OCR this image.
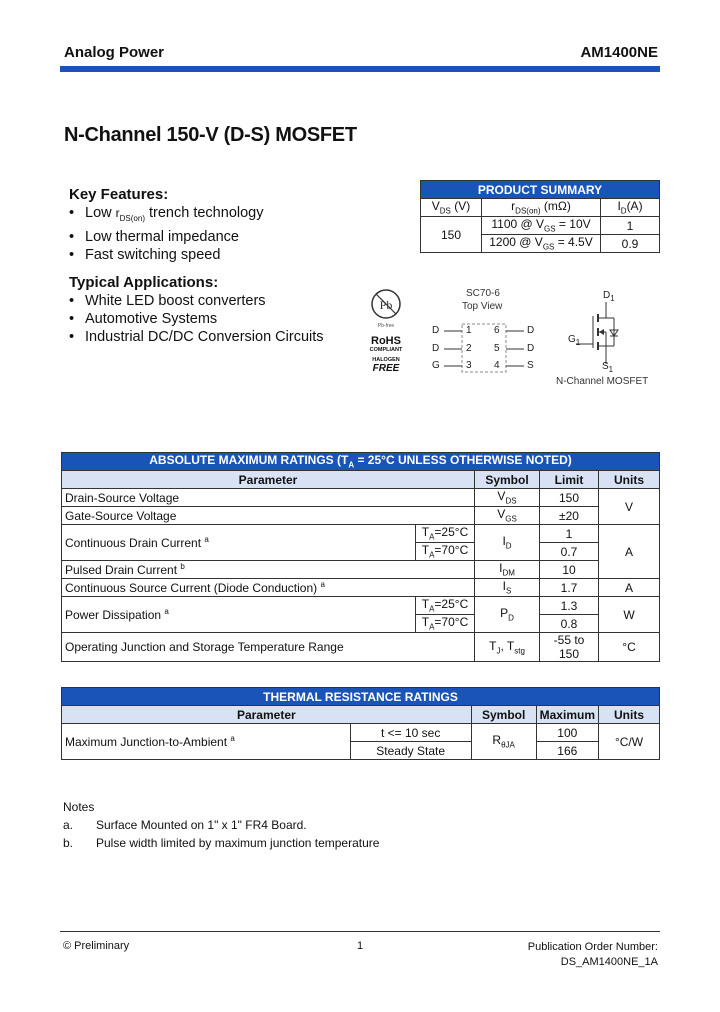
Analog Power	AM1400NE
N-Channel 150-V (D-S) MOSFET
Key Features:
• Low $r_{DS(on)}$ trench technology
• Low thermal impedance
• Fast switching speed
Typical Applications:
• White LED boost converters
• Automotive Systems
• Industrial DC/DC Conversion Circuits
PRODUCT SUMMARY		
$V_{DS}$ (V)	$r_{DS(on)}$ (mΩ)	$I_D(A)$
150	1100 @ $V_{GS} = 10V$	1
	1200 @ $V_{GS} = 4.5V$	0.9
Pb
Pb-free
RoHS
COMPLIANT
HALOGEN
FREE
SC70-6
Top View
D
D
G
1
2
3
6
5
4
D
D
S
$D_1$
$G_1$
$S_1$
N-Channel MOSFET
ABSOLUTE MAXIMUM RATINGS ($T_A = 25^\circ C$ UNLESS OTHERWISE NOTED)				
Parameter		Symbol	Limit	Units
Drain-Source Voltage		$V_{DS}$	150	V
Gate-Source Voltage		$V_{GS}$	±20	
Continuous Drain Current $^a$	$T_A=25^\circ C$	$I_D$	1	A
	$T_A=70^\circ C$		0.7	
Pulsed Drain Current $^b$		$I_{DM}$	10	
Continuous Source Current (Diode Conduction) $^a$		$I_S$	1.7	A
Power Dissipation $^a$	$T_A=25^\circ C$	$P_D$	1.3	W
	$T_A=70^\circ C$		0.8	
Operating Junction and Storage Temperature Range		$T_J$, $T_{stg}$	-55 to 150	°C
THERMAL RESISTANCE RATINGS				
Parameter		Symbol	Maximum	Units
Maximum Junction-to-Ambient $^a$	t <= 10 sec	$R_{\theta JA}$	100	°C/W
	Steady State		166	
Notes
a. Surface Mounted on 1" x 1" FR4 Board.
b. Pulse width limited by maximum junction temperature
© Preliminary	1	Publication Order Number:
DS_AM1400NE_1A
